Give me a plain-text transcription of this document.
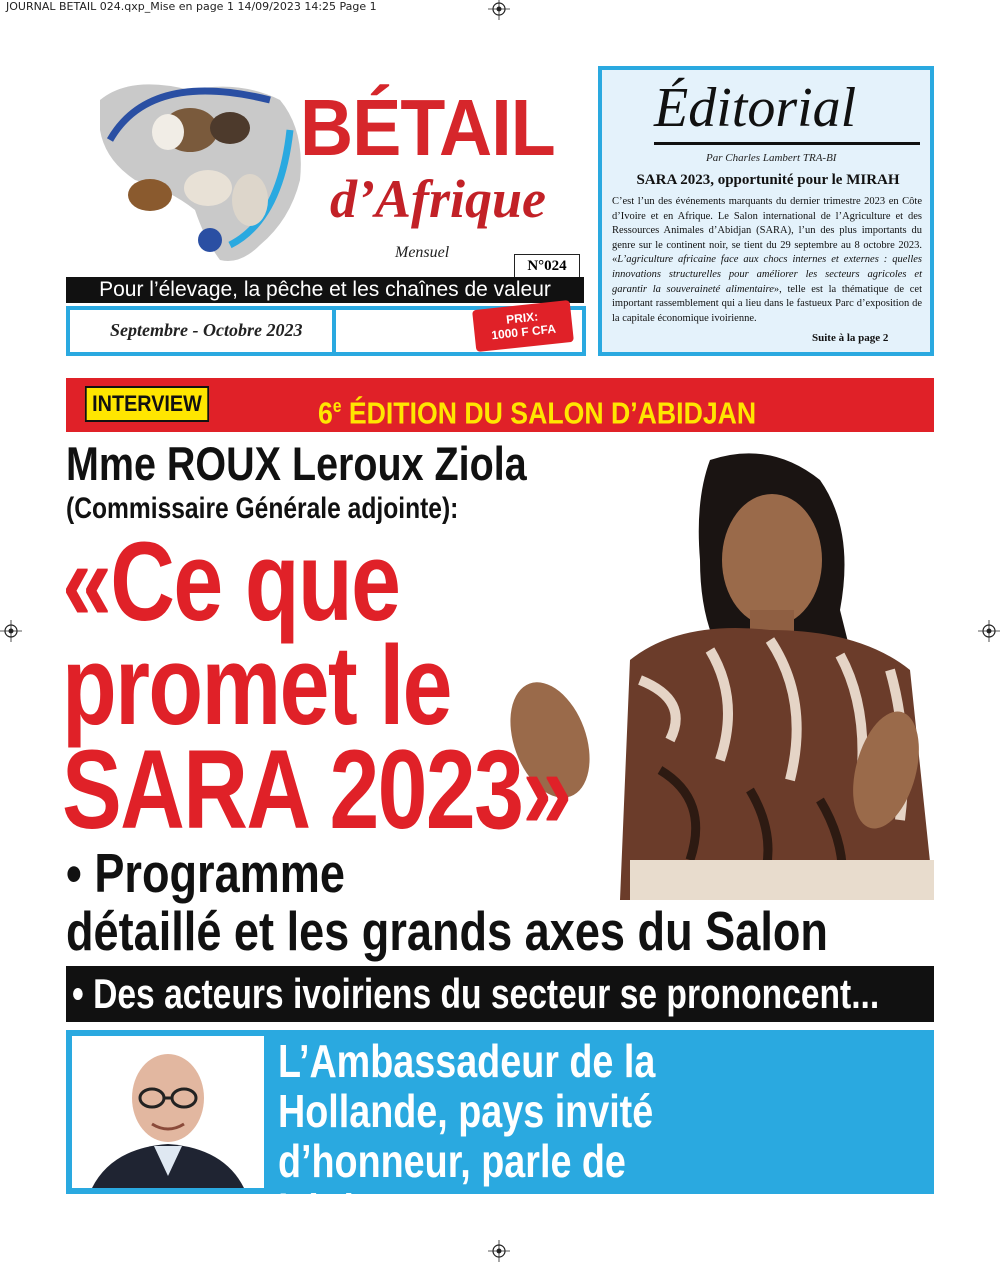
JOURNAL BETAIL 024.qxp_Mise en page 1 14/09/2023 14:25 Page 1
BÉTAIL
d’Afrique
Mensuel
N°024
Pour l’élevage, la pêche et les chaînes de valeur
Septembre - Octobre 2023
PRIX:
1000 F CFA
Éditorial
Par Charles Lambert TRA-BI
SARA 2023, opportunité pour le MIRAH
C’est l’un des événements marquants du dernier trimestre 2023 en Côte d’Ivoire et en Afrique. Le Salon international de l’Agriculture et des Ressources Animales d’Abidjan (SARA), l’un des plus importants du genre sur le continent noir, se tient du 29 septembre au 8 octobre 2023. «L’agriculture africaine face aux chocs internes et externes : quelles innovations structurelles pour améliorer les secteurs agricoles et garantir la souveraineté alimentaire», telle est la thématique de cet important rassemblement qui a lieu dans le fastueux Parc d’exposition de la capitale économique ivoirienne.
Suite à la page 2
INTERVIEW	6e ÉDITION DU SALON D’ABIDJAN
Mme ROUX Leroux Ziola
(Commissaire Générale adjointe):
«Ce que promet le SARA 2023»
• Programme
détaillé et les grands axes du Salon
• Des acteurs ivoiriens du secteur se prononcent...
L’Ambassadeur de la Hollande, pays invité d’honneur, parle de l’évènement
